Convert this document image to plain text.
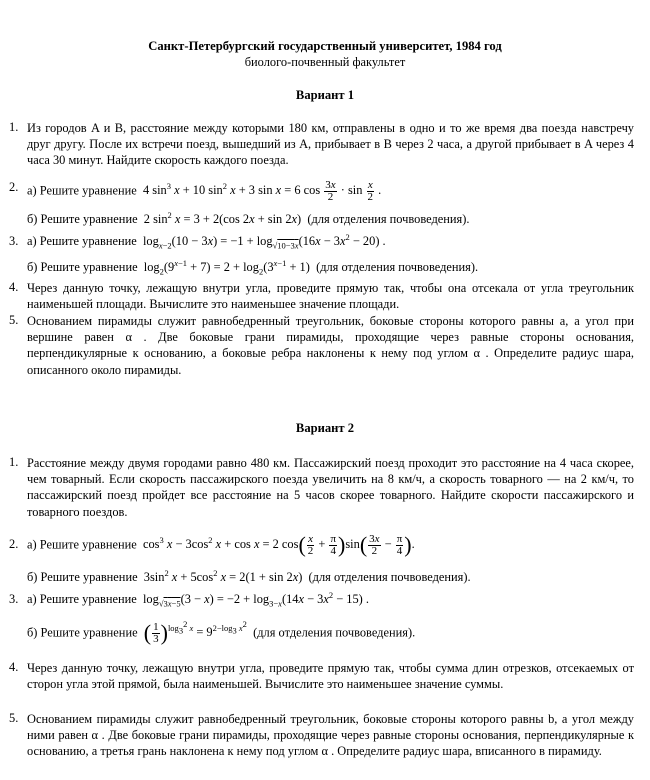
Санкт-Петербургский государственный университет, 1984 год
биолого-почвенный факультет
Вариант 1
1. Из городов A и B, расстояние между которыми 180 км, отправлены в одно и то же время два поезда навстречу друг другу. После их встречи поезд, вышедший из A, прибывает в B через 2 часа, а другой прибывает в A через 4 часа 30 минут. Найдите скорость каждого поезда.
2. а) Решите уравнение 4 $\sin^3 x + 10$ $\sin^2 x + 3$ sin x = 6 $\cos \frac{3x}{2} \cdot \sin \frac{x}{2}$ .
б) Решите уравнение 2 $\sin^2 x = 3 + 2(\cos$ 2x + sin 2x) (для отделения почвоведения).
3. а) Решите уравнение $\log_{x-2}(10 - 3x) = -1 + \log_{√10-3x}(16x - 3x^2 - 20)$ .
б) Решите уравнение $\log_2(9^{x-1} + 7) = 2 + \log_2(3^{x-1} + 1)$ (для отделения почвоведения).
4. Через данную точку, лежащую внутри угла, проведите прямую так, чтобы она отсекала от угла треугольник наименьшей площади. Вычислите это наименьшее значение площади.
5. Основанием пирамиды служит равнобедренный треугольник, боковые стороны которого равны a, а угол при вершине равен α . Две боковые грани пирамиды, проходящие через равные стороны основания, перпендикулярные к основанию, а боковые ребра наклонены к нему под углом α . Определите радиус шара, описанного около пирамиды.
Вариант 2
1. Расстояние между двумя городами равно 480 км. Пассажирский поезд проходит это расстояние на 4 часа скорее, чем товарный. Если скорость пассажирского поезда увеличить на 8 км/ч, а скорость товарного — на 2 км/ч, то пассажирский поезд пройдет все расстояние на 5 часов скорее товарного. Найдите скорости пассажирского и товарного поездов.
2. а) Решите уравнение $\cos^3 x - 3\cos^2$ x + cos x = 2 $\cos( \frac{x}{2} + \frac{\pi}{4} )\sin( \frac{3x}{2} - \frac{\pi}{4}$ ).
б) Решите уравнение $3\sin^2$ $x + 5\cos^2$ x = 2(1 + sin 2x) (для отделения почвоведения).
3. а) Решите уравнение $\log_{√3x-5}(3 - x) = -2 + \log_{3-x}(14x - 3x^2 - 15)$ .
б) Решите уравнение ( $\frac{1}{3} )^{log_3^2 x} = 9^{2-log_3 x^2}$  (для отделения почвоведения).
4. Через данную точку, лежащую внутри угла, проведите прямую так, чтобы сумма длин отрезков, отсекаемых от сторон угла этой прямой, была наименьшей. Вычислите это наименьшее значение суммы.
5. Основанием пирамиды служит равнобедренный треугольник, боковые стороны которого равны b, а угол между ними равен α . Две боковые грани пирамиды, проходящие через равные стороны основания, перпендикулярные к основанию, а третья грань наклонена к нему под углом α . Определите радиус шара, вписанного в пирамиду.
